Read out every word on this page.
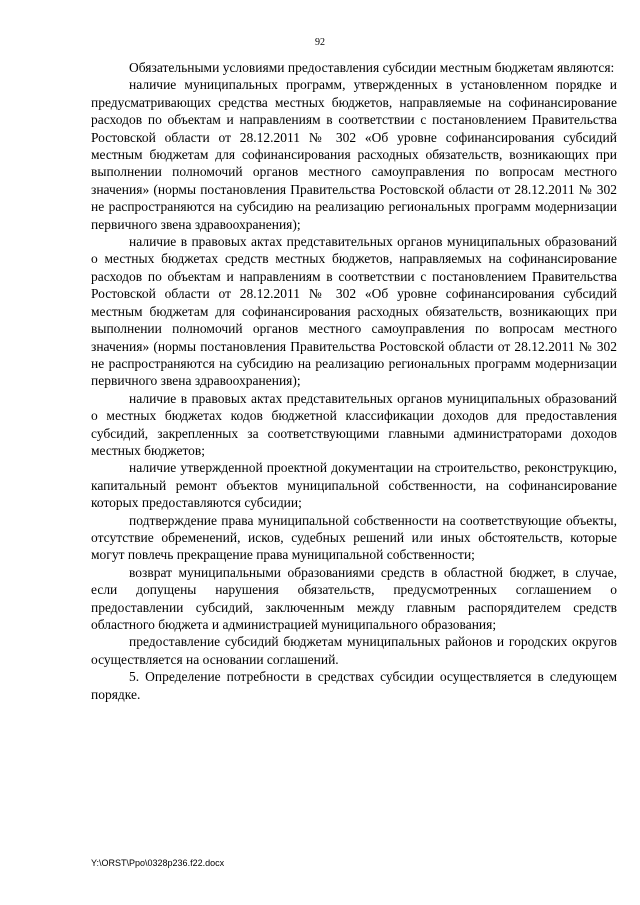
92

Обязательными условиями предоставления субсидии местным бюджетам являются:

наличие муниципальных программ, утвержденных в установленном порядке и предусматривающих средства местных бюджетов, направляемые на софинансирование расходов по объектам и направлениям в соответствии с постановлением Правительства Ростовской области от 28.12.2011 № 302 «Об уровне софинансирования субсидий местным бюджетам для софинансирования расходных обязательств, возникающих при выполнении полномочий органов местного самоуправления по вопросам местного значения» (нормы постановления Правительства Ростовской области от 28.12.2011 № 302 не распространяются на субсидию на реализацию региональных программ модернизации первичного звена здравоохранения);

наличие в правовых актах представительных органов муниципальных образований о местных бюджетах средств местных бюджетов, направляемых на софинансирование расходов по объектам и направлениям в соответствии с постановлением Правительства Ростовской области от 28.12.2011 № 302 «Об уровне софинансирования субсидий местным бюджетам для софинансирования расходных обязательств, возникающих при выполнении полномочий органов местного самоуправления по вопросам местного значения» (нормы постановления Правительства Ростовской области от 28.12.2011 № 302 не распространяются на субсидию на реализацию региональных программ модернизации первичного звена здравоохранения);

наличие в правовых актах представительных органов муниципальных образований о местных бюджетах кодов бюджетной классификации доходов для предоставления субсидий, закрепленных за соответствующими главными администраторами доходов местных бюджетов;

наличие утвержденной проектной документации на строительство, реконструкцию, капитальный ремонт объектов муниципальной собственности, на софинансирование которых предоставляются субсидии;

подтверждение права муниципальной собственности на соответствующие объекты, отсутствие обременений, исков, судебных решений или иных обстоятельств, которые могут повлечь прекращение права муниципальной собственности;

возврат муниципальными образованиями средств в областной бюджет, в случае, если допущены нарушения обязательств, предусмотренных соглашением о предоставлении субсидий, заключенным между главным распорядителем средств областного бюджета и администрацией муниципального образования;

предоставление субсидий бюджетам муниципальных районов и городских округов осуществляется на основании соглашений.

5. Определение потребности в средствах субсидии осуществляется в следующем порядке.

Y:\ORST\Ppo\0328p236.f22.docx
